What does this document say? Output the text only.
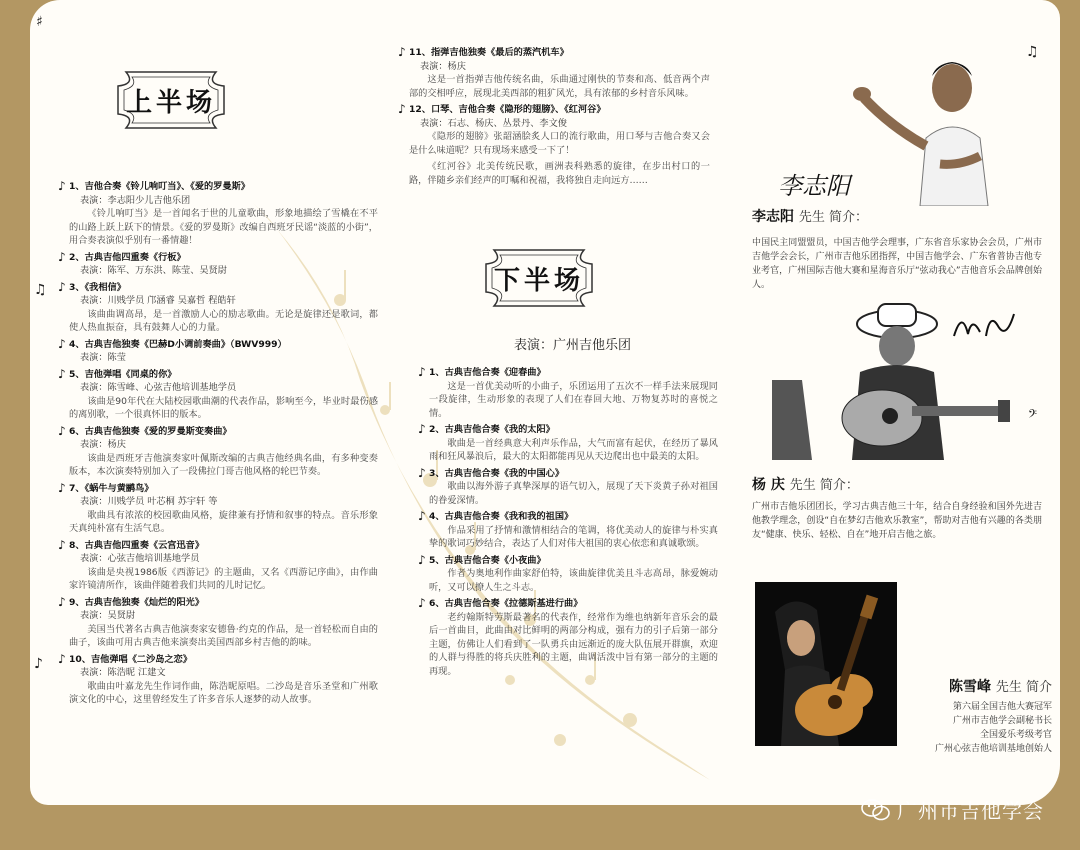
上半场
♪ 1、吉他合奏《铃儿响叮当》、《爱的罗曼斯》
表演：李志阳少儿吉他乐团
《铃儿响叮当》是一首闻名于世的儿童歌曲，形象地描绘了雪橇在不平的山路上跃上跃下的情景。《爱的罗曼斯》改编自西班牙民谣“淡蓝的小街”，用合奏表演似乎别有一番情趣！
♪ 2、古典吉他四重奏《行板》
表演：陈军、万东洪、陈莹、吴贤尉
♪ 3、《我相信》
表演：川贱学员 邝涵睿 吴嘉哲 程皓轩
该曲曲调高昂，是一首激励人心的励志歌曲。无论是旋律还是歌词，都使人热血振奋，具有鼓舞人心的力量。
♪ 4、古典吉他独奏《巴赫D小调前奏曲》（BWV999）
表演：陈莹
♪ 5、吉他弹唱《同桌的你》
表演：陈雪峰、心弦吉他培训基地学员
该曲是90年代在大陆校园歌曲潮的代表作品，影响至今，毕业时最伤感的离别歌，一个很真怀旧的版本。
♪ 6、古典吉他独奏《爱的罗曼斯变奏曲》
表演：杨庆
该曲是西班牙吉他演奏家叶佩斯改编的古典吉他经典名曲，有多种变奏版本，本次演奏特别加入了一段佛拉门哥吉他风格的轮巴节奏。
♪ 7、《蜗牛与黄鹂鸟》
表演：川贱学员 叶芯桐 苏宇轩 等
歌曲具有浓浓的校园歌曲风格，旋律兼有抒情和叙事的特点。音乐形象天真纯朴富有生活气息。
♪ 8、古典吉他四重奏《云宫迅音》
表演：心弦吉他培训基地学员
该曲是央视1986版《西游记》的主题曲，又名《西游记序曲》，由作曲家许镜清所作，该曲伴随着我们共同的儿时记忆。
♪ 9、古典吉他独奏《灿烂的阳光》
表演：吴贤尉
美国当代著名古典吉他演奏家安德鲁·约克的作品，是一首轻松而自由的曲子，该曲可用古典吉他来演奏出美国西部乡村吉他的韵味。
♪ 10、吉他弹唱《二沙岛之恋》
表演：陈浩昵 江建文
歌曲由叶嘉龙先生作词作曲，陈浩昵原唱。二沙岛是音乐圣堂和广州歌演文化的中心，这里曾经发生了许多音乐人逐梦的动人故事。
♪ 11、指弹吉他独奏《最后的蒸汽机车》
表演：杨庆
这是一首指弹吉他传统名曲，乐曲通过刚快的节奏和高、低音两个声部的交相呼应，展现北美西部的粗犷风光，具有浓郁的乡村音乐风味。
♪ 12、口琴、吉他合奏《隐形的翅膀》、《红河谷》
表演：石志、杨庆、丛景丹、李文俊
《隐形的翅膀》张韶涵脍炙人口的流行歌曲，用口琴与吉他合奏又会是什么味道呢？只有现场来感受一下了！
《红河谷》北美传统民歌，画洲表科熟悉的旋律，在步出村口的一路，伴随乡亲们经声的叮嘱和祝福，我将独自走向远方……
下半场
表演：广州吉他乐团
♪ 1、古典吉他合奏《迎春曲》
这是一首优美动听的小曲子，乐团运用了五次不一样手法来展现同一段旋律，生动形象的表现了人们在春回大地、万物复苏时的喜悦之情。
♪ 2、古典吉他合奏《我的太阳》
歌曲是一首经典意大利声乐作品，大气而富有起伏，在经历了暴风雨和狂风暴浪后，最大的太阳都能再见从天边爬出也中最美的太阳。
♪ 3、古典吉他合奏《我的中国心》
歌曲以海外游子真挚深厚的语气切入，展现了天下炎黄子孙对祖国的眷爱深情。
♪ 4、古典吉他合奏《我和我的祖国》
作品采用了抒情和激情相结合的笔调，将优美动人的旋律与朴实真挚的歌词巧妙结合，表达了人们对伟大祖国的衷心依恋和真诚歌颂。
♪ 5、古典吉他合奏《小夜曲》
作者为奥地利作曲家舒伯特，该曲旋律优美且斗志高昂，脉爱婉动听，又可以撩人生之斗志。
♪ 6、古典吉他合奏《拉德斯基进行曲》
老约翰斯特劳斯最著名的代表作，经常作为维也纳新年音乐会的最后一首曲目，此曲由对比鲜明的两部分构成，强有力的引子后第一部分主题，仿佛让人们看到了一队勇兵由远渐近的庞大队伍展开群旗，欢迎的人群与得胜的将兵庆胜利的主题，曲调活泼中旨有第一部分的主题的再现。
李志阳
李志阳 先生 简介：
中国民主同盟盟员，中国吉他学会理事，广东省音乐家协会会员，广州市吉他学会会长，广州市吉他乐团指挥，中国吉他学会、广东省普协吉他专业考官，广州国际吉他大赛和星海音乐厅“弦动我心”吉他音乐会品牌创始人。
杨 庆 先生 简介：
广州市吉他乐团团长，学习古典吉他三十年，结合自身经验和国外先进吉他教学理念，创设“自在梦幻吉他欢乐教室”，帮助对吉他有兴趣的各类朋友“健康、快乐、轻松、自在”地开启吉他之旅。
陈雪峰 先生 简介
第六届全国吉他大赛冠军
广州市吉他学会副秘书长
全国爱乐考级考官
广州心弦吉他培训基地创始人
♯
♫
♪
♫
𝄢
广州市吉他学会
